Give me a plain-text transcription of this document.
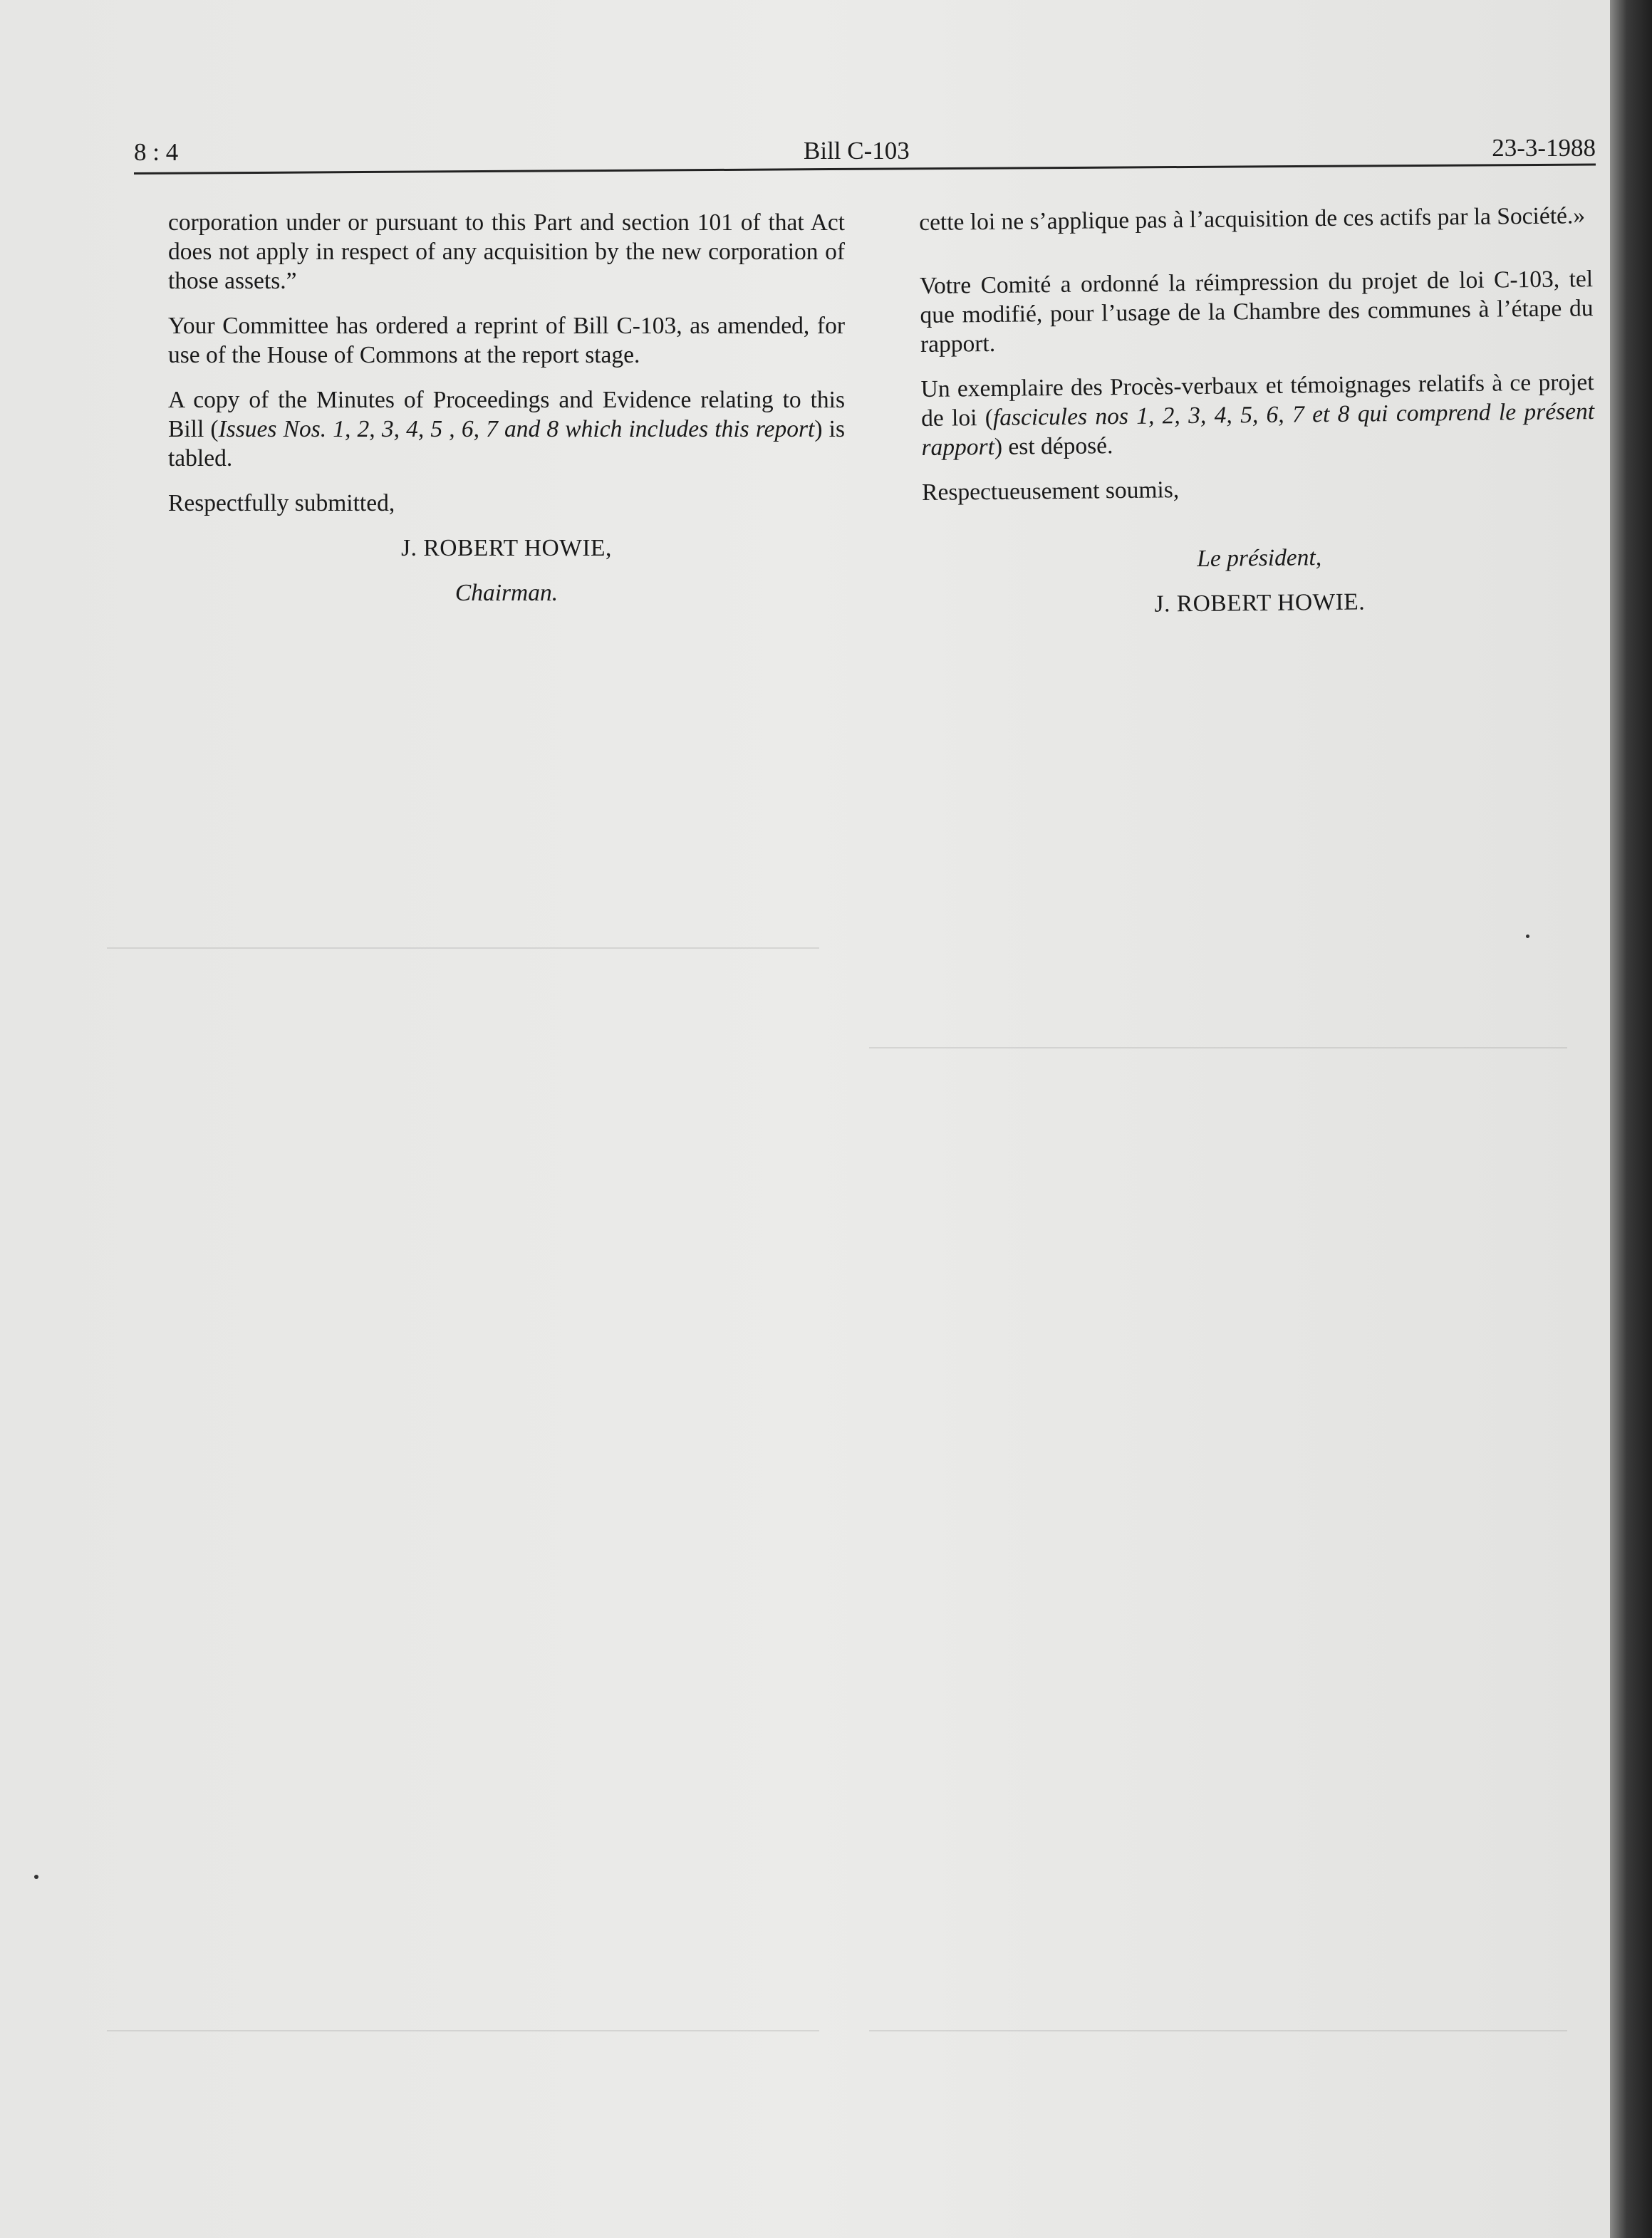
8 : 4	Bill C-103	23-3-1988

corporation under or pursuant to this Part and section 101 of that Act does not apply in respect of any acquisition by the new corporation of those assets.”

Your Committee has ordered a reprint of Bill C-103, as amended, for use of the House of Commons at the report stage.

A copy of the Minutes of Proceedings and Evidence relating to this Bill (Issues Nos. 1, 2, 3, 4, 5 , 6, 7 and 8 which includes this report) is tabled.

Respectfully submitted,

J. ROBERT HOWIE,

Chairman.

cette loi ne s’applique pas à l’acquisition de ces actifs par la Société.»

Votre Comité a ordonné la réimpression du projet de loi C-103, tel que modifié, pour l’usage de la Chambre des communes à l’étape du rapport.

Un exemplaire des Procès-verbaux et témoignages relatifs à ce projet de loi (fascicules nos 1, 2, 3, 4, 5, 6, 7 et 8 qui comprend le présent rapport) est déposé.

Respectueusement soumis,

Le président,

J. ROBERT HOWIE.
